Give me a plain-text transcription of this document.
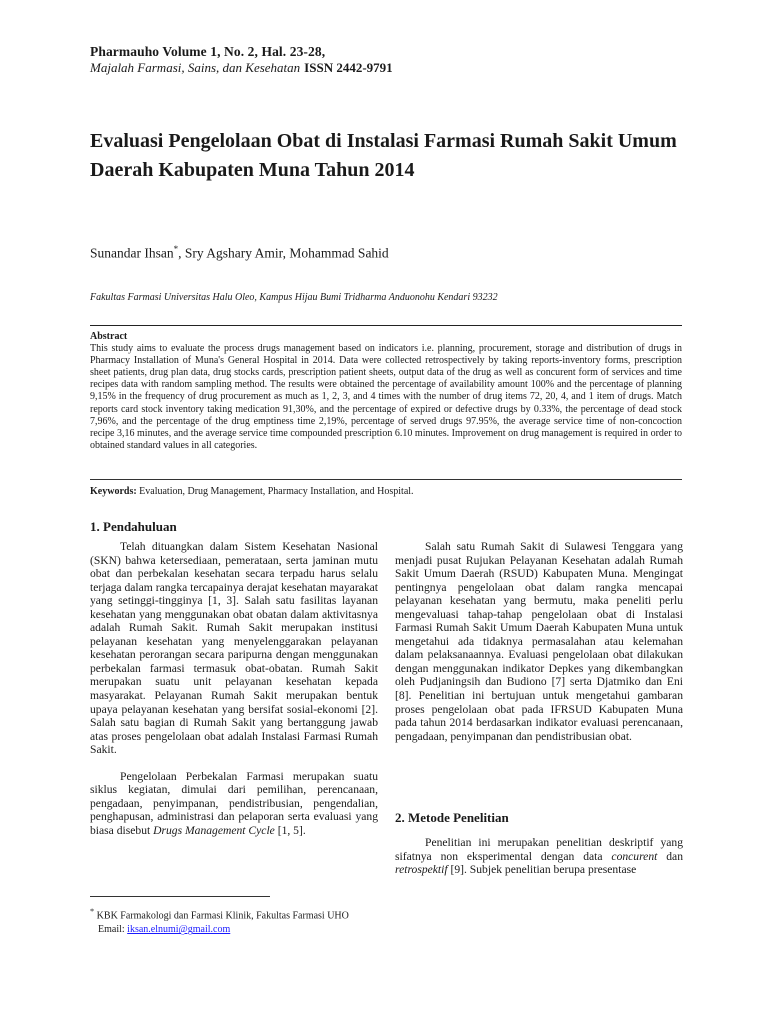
Pharmauho Volume 1, No. 2, Hal. 23-28,
Majalah Farmasi, Sains, dan Kesehatan ISSN 2442-9791
Evaluasi Pengelolaan Obat di Instalasi Farmasi Rumah Sakit Umum Daerah Kabupaten Muna Tahun 2014
Sunandar Ihsan*, Sry Agshary Amir, Mohammad Sahid
Fakultas Farmasi Universitas Halu Oleo, Kampus Hijau Bumi Tridharma Anduonohu Kendari 93232
Abstract
This study aims to evaluate the process drugs management based on indicators i.e. planning, procurement, storage and distribution of drugs in Pharmacy Installation of Muna's General Hospital in 2014. Data were collected retrospectively by taking reports-inventory forms, prescription sheet patients, drug plan data, drug stocks cards, prescription patient sheets, output data of the drug as well as concurent form of services and time recipes data with random sampling method. The results were obtained the percentage of availability amount 100% and the percentage of planning 9,15% in the frequency of drug procurement as much as 1, 2, 3, and 4 times with the number of drug items 72, 20, 4, and 1 item of drugs. Match reports card stock inventory taking medication 91,30%, and the percentage of expired or defective drugs by 0.33%, the percentage of dead stock 7,96%, and the percentage of the drug emptiness time 2,19%, percentage of served drugs 97.95%, the average service time of non-concoction recipe 3,16 minutes, and the average service time compounded prescription 6.10 minutes. Improvement on drug management is required in order to obtained standard values in all categories.
Keywords: Evaluation, Drug Management, Pharmacy Installation, and Hospital.
1. Pendahuluan

Telah dituangkan dalam Sistem Kesehatan Nasional (SKN) bahwa ketersediaan, pemerataan, serta jaminan mutu obat dan perbekalan kesehatan secara terpadu harus selalu terjaga dalam rangka tercapainya derajat kesehatan mayarakat yang setinggi-tingginya [1, 3]. Salah satu fasilitas layanan kesehatan yang menggunakan obat obatan dalam aktivitasnya adalah Rumah Sakit. Rumah Sakit merupakan institusi pelayanan kesehatan yang menyelenggarakan pelayanan kesehatan perorangan secara paripurna dengan menggunakan perbekalan farmasi termasuk obat-obatan. Rumah Sakit merupakan suatu unit pelayanan kesehatan kepada masyarakat. Pelayanan Rumah Sakit merupakan bentuk upaya pelayanan kesehatan yang bersifat sosial-ekonomi [2]. Salah satu bagian di Rumah Sakit yang bertanggung jawab atas proses pengelolaan obat adalah Instalasi Farmasi Rumah Sakit.

Pengelolaan Perbekalan Farmasi merupakan suatu siklus kegiatan, dimulai dari pemilihan, perencanaan, pengadaan, penyimpanan, pendistribusian, pengendalian, penghapusan, administrasi dan pelaporan serta evaluasi yang biasa disebut Drugs Management Cycle [1, 5].

Salah satu Rumah Sakit di Sulawesi Tenggara yang menjadi pusat Rujukan Pelayanan Kesehatan adalah Rumah Sakit Umum Daerah (RSUD) Kabupaten Muna. Mengingat pentingnya pengelolaan obat dalam rangka mencapai pelayanan kesehatan yang bermutu, maka peneliti perlu mengevaluasi tahap-tahap pengelolaan obat di Instalasi Farmasi Rumah Sakit Umum Daerah Kabupaten Muna untuk mengetahui ada tidaknya permasalahan atau kelemahan dalam pelaksanaannya. Evaluasi pengelolaan obat dilakukan dengan menggunakan indikator Depkes yang dikembangkan oleh Pudjaningsih dan Budiono [7] serta Djatmiko dan Eni [8]. Penelitian ini bertujuan untuk mengetahui gambaran proses pengelolaan obat pada IFRSUD Kabupaten Muna pada tahun 2014 berdasarkan indikator evaluasi perencanaan, pengadaan, penyimpanan dan pendistribusian obat.

2. Metode Penelitian

Penelitian ini merupakan penelitian deskriptif yang sifatnya non eksperimental dengan data concurent dan retrospektif [9]. Subjek penelitian berupa presentase

* KBK Farmakologi dan Farmasi Klinik, Fakultas Farmasi UHO
Email: iksan.elnumi@gmail.com
